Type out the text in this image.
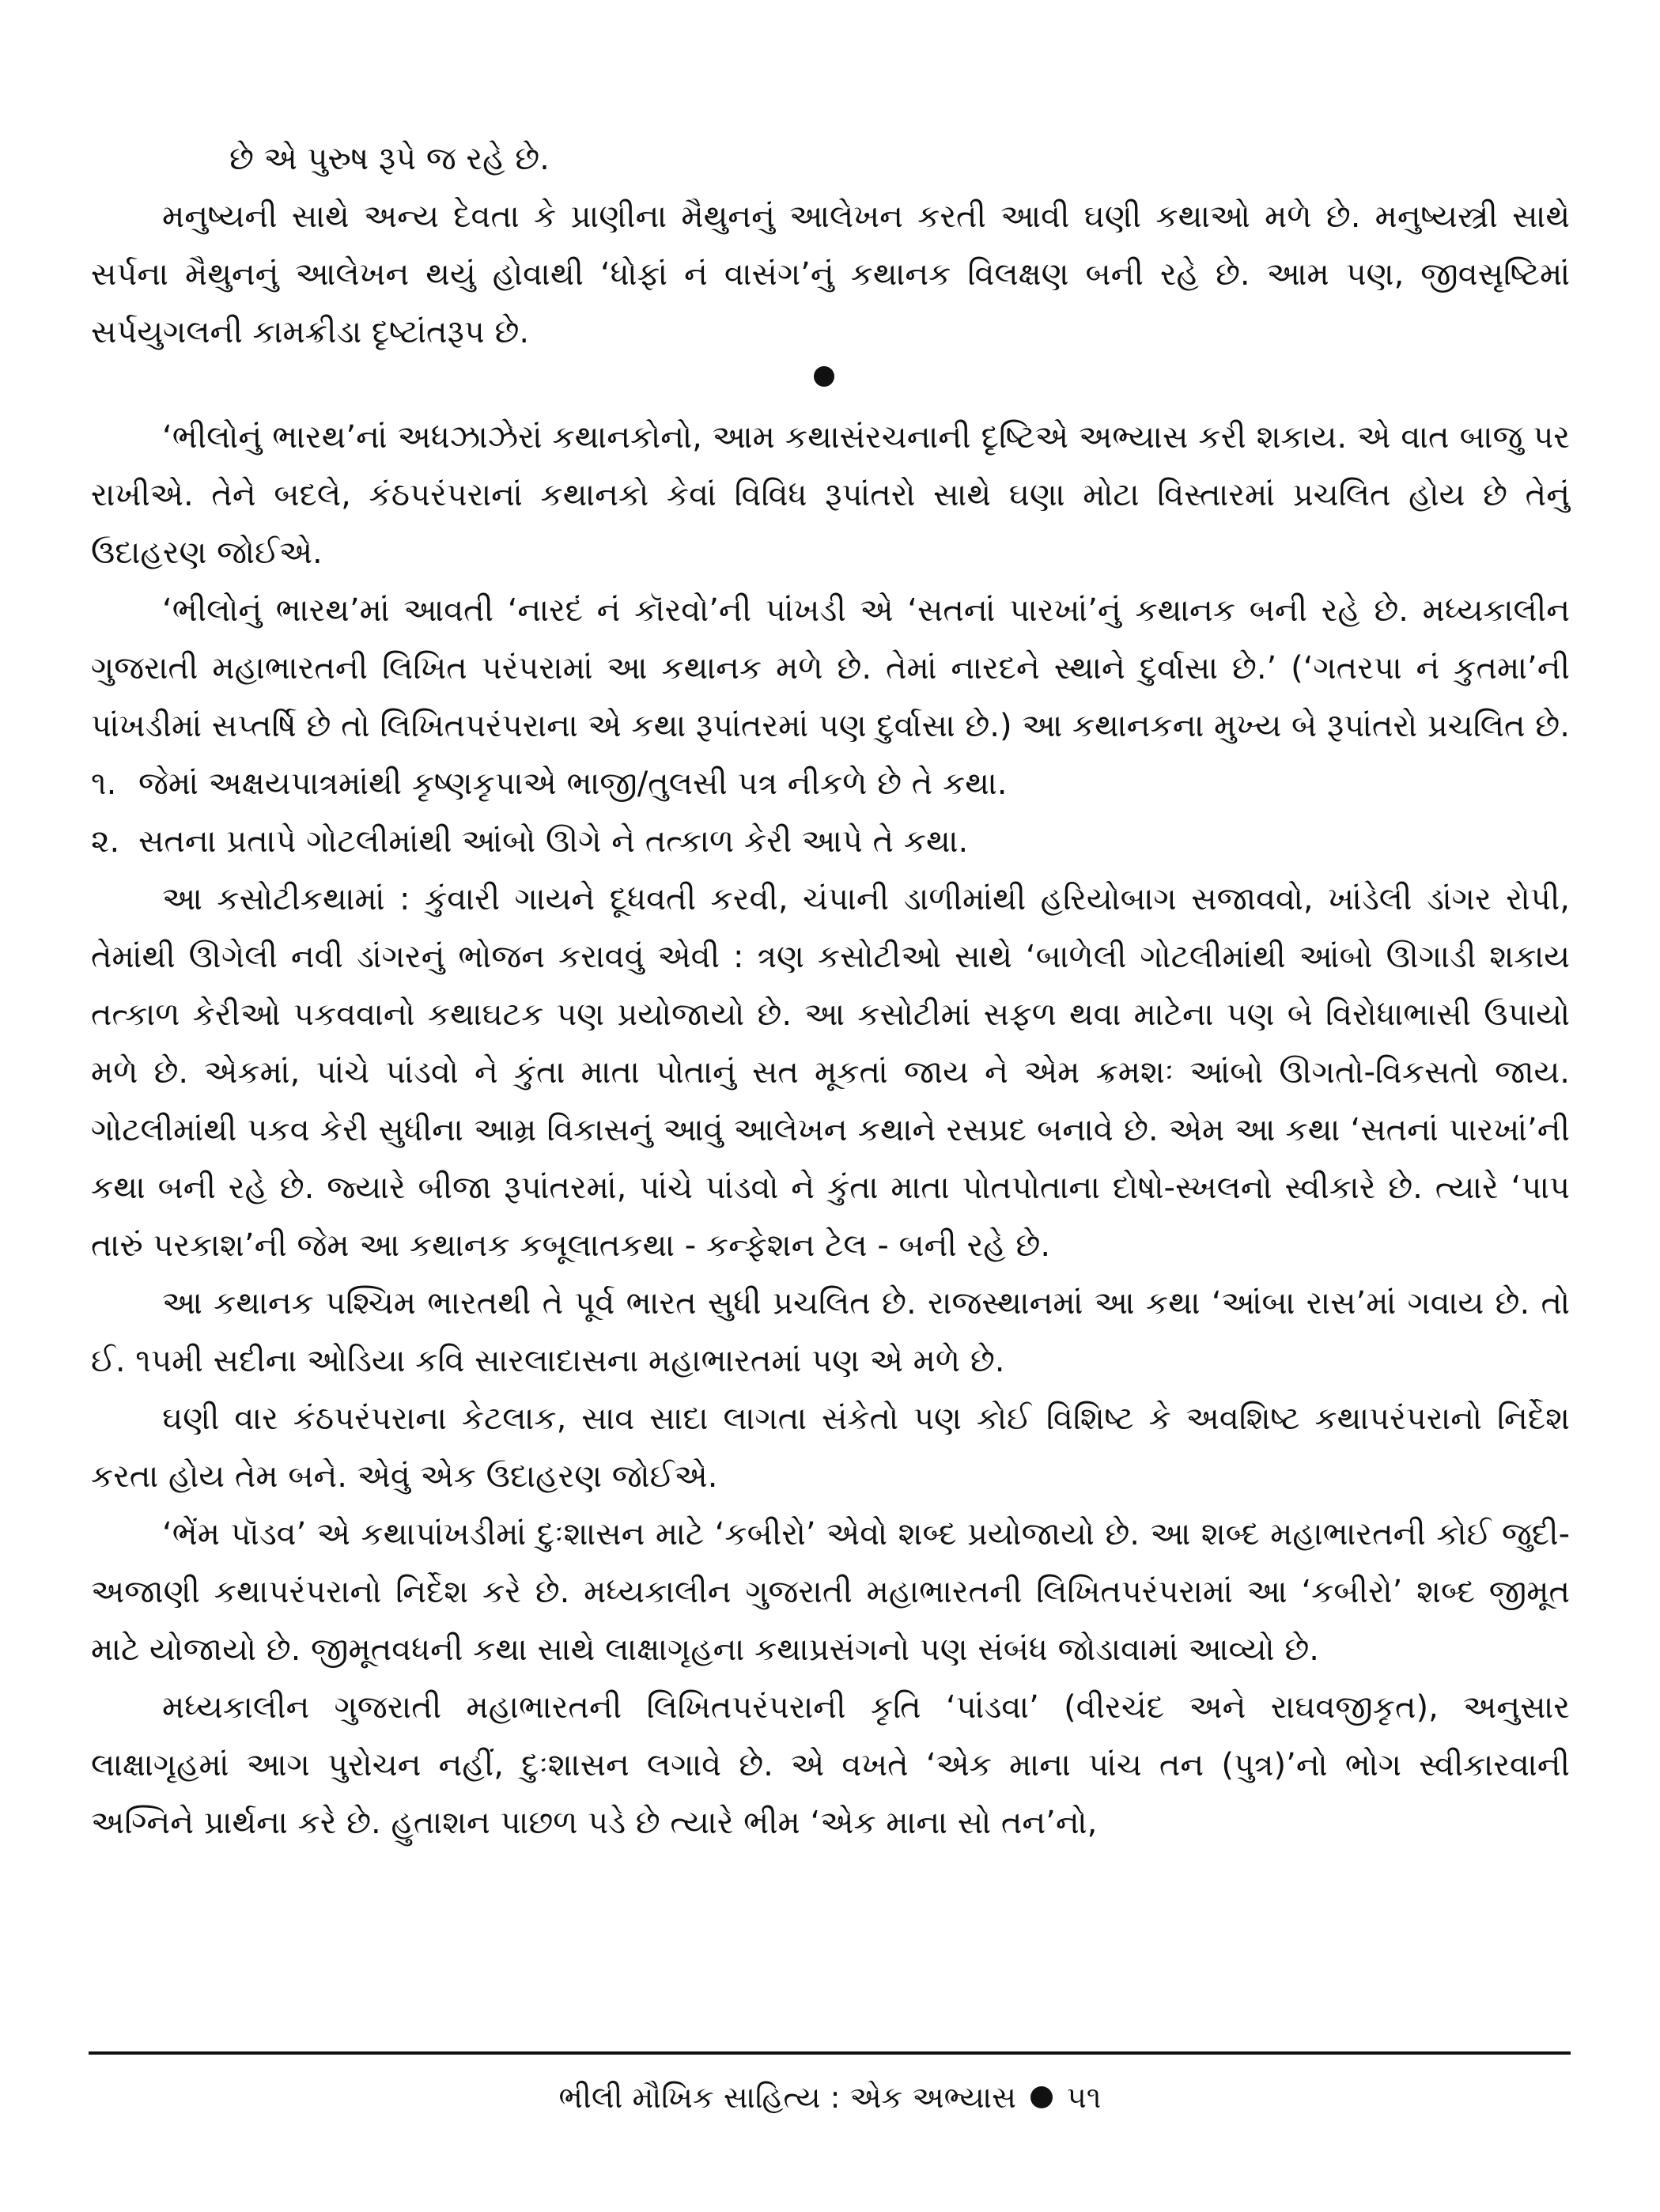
છે એ પુરુષ રૂપે જ રહે છે.

મનુષ્યની સાથે અન્ય દેવતા કે પ્રાણીના મૈથુનનું આલેખન કરતી આવી ઘણી કથાઓ મળે છે. મનુષ્યસ્ત્રી સાથે સર્પના મૈથુનનું આલેખન થયું હોવાથી ‘ધોફાં નં વાસંગ’નું કથાનક વિલક્ષણ બની રહે છે. આમ પણ, જીવસૃષ્ટિમાં સર્પયુગલની કામક્રીડા દૃષ્ટાંતરૂપ છે.

‘ભીલોનું ભારથ’નાં અધઝાઝેરાં કથાનકોનો, આમ કથાસંરચનાની દૃષ્ટિએ અભ્યાસ કરી શકાય. એ વાત બાજુ પર રાખીએ. તેને બદલે, કંઠપરંપરાનાં કથાનકો કેવાં વિવિધ રૂપાંતરો સાથે ઘણા મોટા વિસ્તારમાં પ્રચલિત હોય છે તેનું ઉદાહરણ જોઈએ.

‘ભીલોનું ભારથ’માં આવતી ‘નારદં નં કૉરવો’ની પાંખડી એ ‘સતનાં પારખાં’નું કથાનક બની રહે છે. મધ્યકાલીન ગુજરાતી મહાભારતની લિખિત પરંપરામાં આ કથાનક મળે છે. તેમાં નારદને સ્થાને દુર્વાસા છે.’ (‘ગતરપા નં કુતમા’ની પાંખડીમાં સપ્તર્ષિ છે તો લિખિતપરંપરાના એ કથા રૂપાંતરમાં પણ દુર્વાસા છે.) આ કથાનકના મુખ્ય બે રૂપાંતરો પ્રચલિત છે.

૧. જેમાં અક્ષયપાત્રમાંથી કૃષ્ણકૃપાએ ભાજી/તુલસી પત્ર નીકળે છે તે કથા.
૨. સતના પ્રતાપે ગોટલીમાંથી આંબો ઊગે ને તત્કાળ કેરી આપે તે કથા.

આ કસોટીકથામાં : કુંવારી ગાયને દૂધવતી કરવી, ચંપાની ડાળીમાંથી હરિયોબાગ સજાવવો, ખાંડેલી ડાંગર રોપી, તેમાંથી ઊગેલી નવી ડાંગરનું ભોજન કરાવવું એવી : ત્રણ કસોટીઓ સાથે ‘બાળેલી ગોટલીમાંથી આંબો ઊગાડી શકાય તત્કાળ કેરીઓ પકવવાનો કથાઘટક પણ પ્રયોજાયો છે. આ કસોટીમાં સફળ થવા માટેના પણ બે વિરોધાભાસી ઉપાયો મળે છે. એકમાં, પાંચે પાંડવો ને કુંતા માતા પોતાનું સત મૂકતાં જાય ને એમ ક્રમશઃ આંબો ઊગતો-વિકસતો જાય. ગોટલીમાંથી પકવ કેરી સુધીના આમ્ર વિકાસનું આવું આલેખન કથાને રસપ્રદ બનાવે છે. એમ આ કથા ‘સતનાં પારખાં’ની કથા બની રહે છે. જ્યારે બીજા રૂપાંતરમાં, પાંચે પાંડવો ને કુંતા માતા પોતપોતાના દોષો-સ્ખલનો સ્વીકારે છે. ત્યારે ‘પાપ તારું પરકાશ’ની જેમ આ કથાનક કબૂલાતકથા - કન્ફેશન ટેલ - બની રહે છે.

આ કથાનક પશ્ચિમ ભારતથી તે પૂર્વ ભારત સુધી પ્રચલિત છે. રાજસ્થાનમાં આ કથા ‘આંબા રાસ’માં ગવાય છે. તો ઈ. ૧૫મી સદીના ઓડિયા કવિ સારલાદાસના મહાભારતમાં પણ એ મળે છે.

ઘણી વાર કંઠપરંપરાના કેટલાક, સાવ સાદા લાગતા સંકેતો પણ કોઈ વિશિષ્ટ કે અવશિષ્ટ કથાપરંપરાનો નિર્દેશ કરતા હોય તેમ બને. એવું એક ઉદાહરણ જોઈએ.

‘ભેંમ પૉડવ’ એ કથાપાંખડીમાં દુઃશાસન માટે ‘કબીરો’ એવો શબ્દ પ્રયોજાયો છે. આ શબ્દ મહાભારતની કોઈ જુદી-અજાણી કથાપરંપરાનો નિર્દેશ કરે છે. મધ્યકાલીન ગુજરાતી મહાભારતની લિખિતપરંપરામાં આ ‘કબીરો’ શબ્દ જીમૂત માટે યોજાયો છે. જીમૂતવધની કથા સાથે લાક્ષાગૃહના કથાપ્રસંગનો પણ સંબંધ જોડાવામાં આવ્યો છે.

મધ્યકાલીન ગુજરાતી મહાભારતની લિખિતપરંપરાની કૃતિ ‘પાંડવા’ (વીરચંદ અને રાઘવજીકૃત), અનુસાર લાક્ષાગૃહમાં આગ પુરોચન નહીં, દુઃશાસન લગાવે છે. એ વખતે ‘એક માના પાંચ તન (પુત્ર)’નો ભોગ સ્વીકારવાની અગ્નિને પ્રાર્થના કરે છે. હુતાશન પાછળ પડે છે ત્યારે ભીમ ‘એક માના સો તન’નો,

ભીલી મૌખિક સાહિત્ય : એક અભ્યાસ ૫૧
